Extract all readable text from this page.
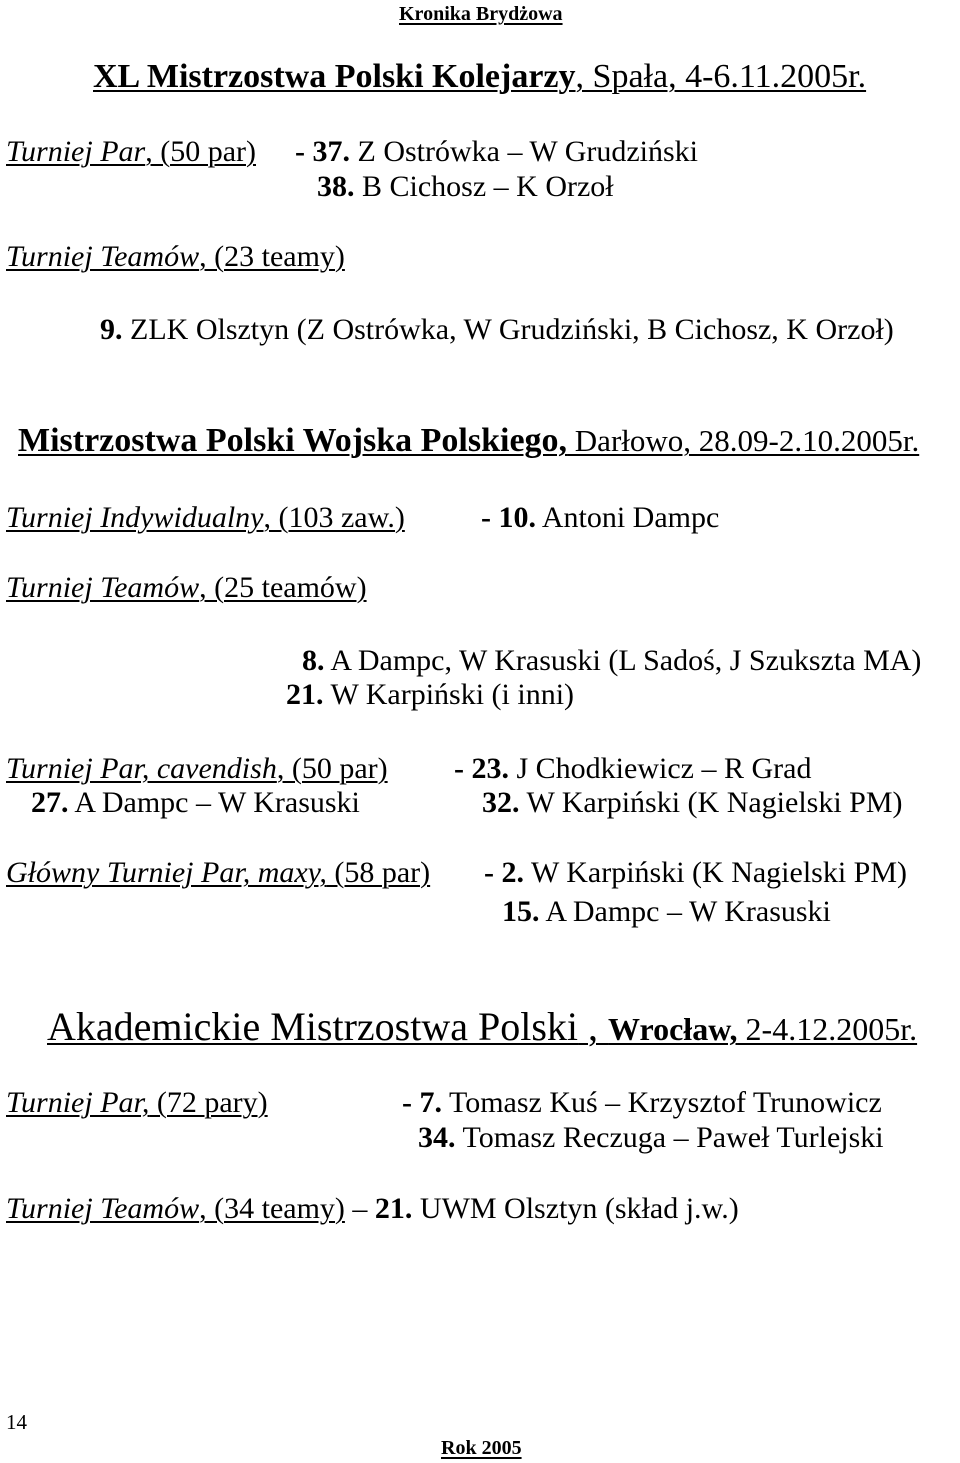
Kronika Brydżowa
XL Mistrzostwa Polski Kolejarzy, Spała, 4-6.11.2005r.
Turniej Par, (50 par) - 37. Z Ostrówka – W Grudziński
38. B Cichosz – K Orzoł
Turniej Teamów, (23 teamy)
9. ZLK Olsztyn (Z Ostrówka, W Grudziński, B Cichosz, K Orzoł)
Mistrzostwa Polski Wojska Polskiego, Darłowo, 28.09-2.10.2005r.
Turniej Indywidualny, (103 zaw.)	- 10. Antoni Dampc
Turniej Teamów, (25 teamów)
8. A Dampc, W Krasuski (L Sadoś, J Szukszta MA)
21. W Karpiński (i inni)
Turniej Par, cavendish, (50 par) - 23. J Chodkiewicz – R Grad
27. A Dampc – W Krasuski	32. W Karpiński (K Nagielski PM)
Główny Turniej Par, maxy, (58 par) - 2. W Karpiński (K Nagielski PM)
15. A Dampc – W Krasuski
Akademickie Mistrzostwa Polski , Wrocław, 2-4.12.2005r.
Turniej Par, (72 pary)	- 7. Tomasz Kuś – Krzysztof Trunowicz
34. Tomasz Reczuga – Paweł Turlejski
Turniej Teamów, (34 teamy) – 21. UWM Olsztyn (skład j.w.)
14
Rok 2005
